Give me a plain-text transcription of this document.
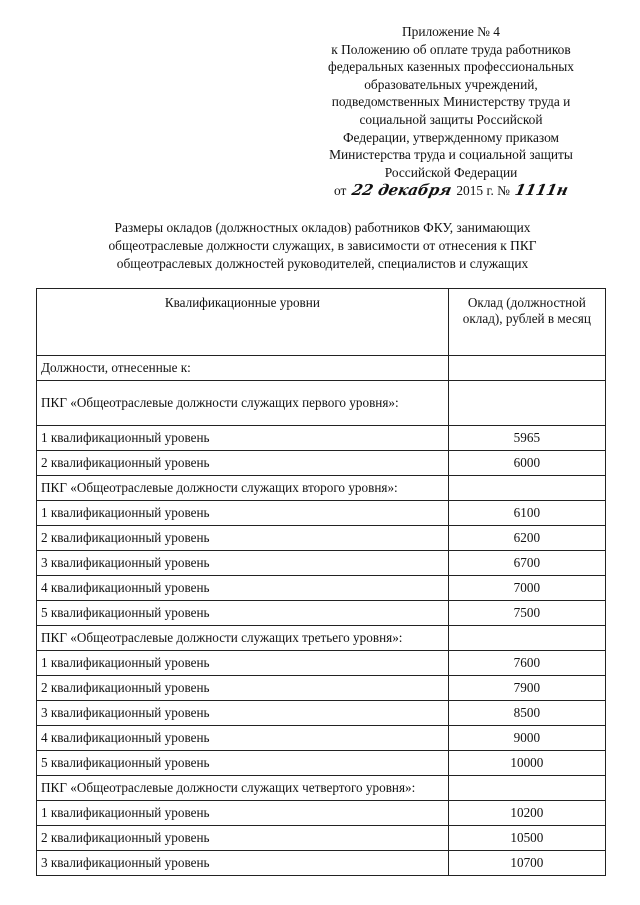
Приложение № 4
к Положению об оплате труда работников
федеральных казенных профессиональных
образовательных учреждений,
подведомственных Министерству труда и
социальной защиты Российской
Федерации, утвержденному приказом
Министерства труда и социальной защиты
Российской Федерации
от 22 декабря 2015 г. № 1111н
Размеры окладов (должностных окладов) работников ФКУ, занимающих
общеотраслевые должности служащих, в зависимости от отнесения к ПКГ
общеотраслевых должностей руководителей, специалистов и служащих
Квалификационные уровни	Оклад (должностной оклад), рублей в месяц
Должности, отнесенные к:	
ПКГ «Общеотраслевые должности служащих первого уровня»:	
1 квалификационный уровень	5965
2 квалификационный уровень	6000
ПКГ «Общеотраслевые должности служащих второго уровня»:	
1 квалификационный уровень	6100
2 квалификационный уровень	6200
3 квалификационный уровень	6700
4 квалификационный уровень	7000
5 квалификационный уровень	7500
ПКГ «Общеотраслевые должности служащих третьего уровня»:	
1 квалификационный уровень	7600
2 квалификационный уровень	7900
3 квалификационный уровень	8500
4 квалификационный уровень	9000
5 квалификационный уровень	10000
ПКГ «Общеотраслевые должности служащих четвертого уровня»:	
1 квалификационный уровень	10200
2 квалификационный уровень	10500
3 квалификационный уровень	10700
